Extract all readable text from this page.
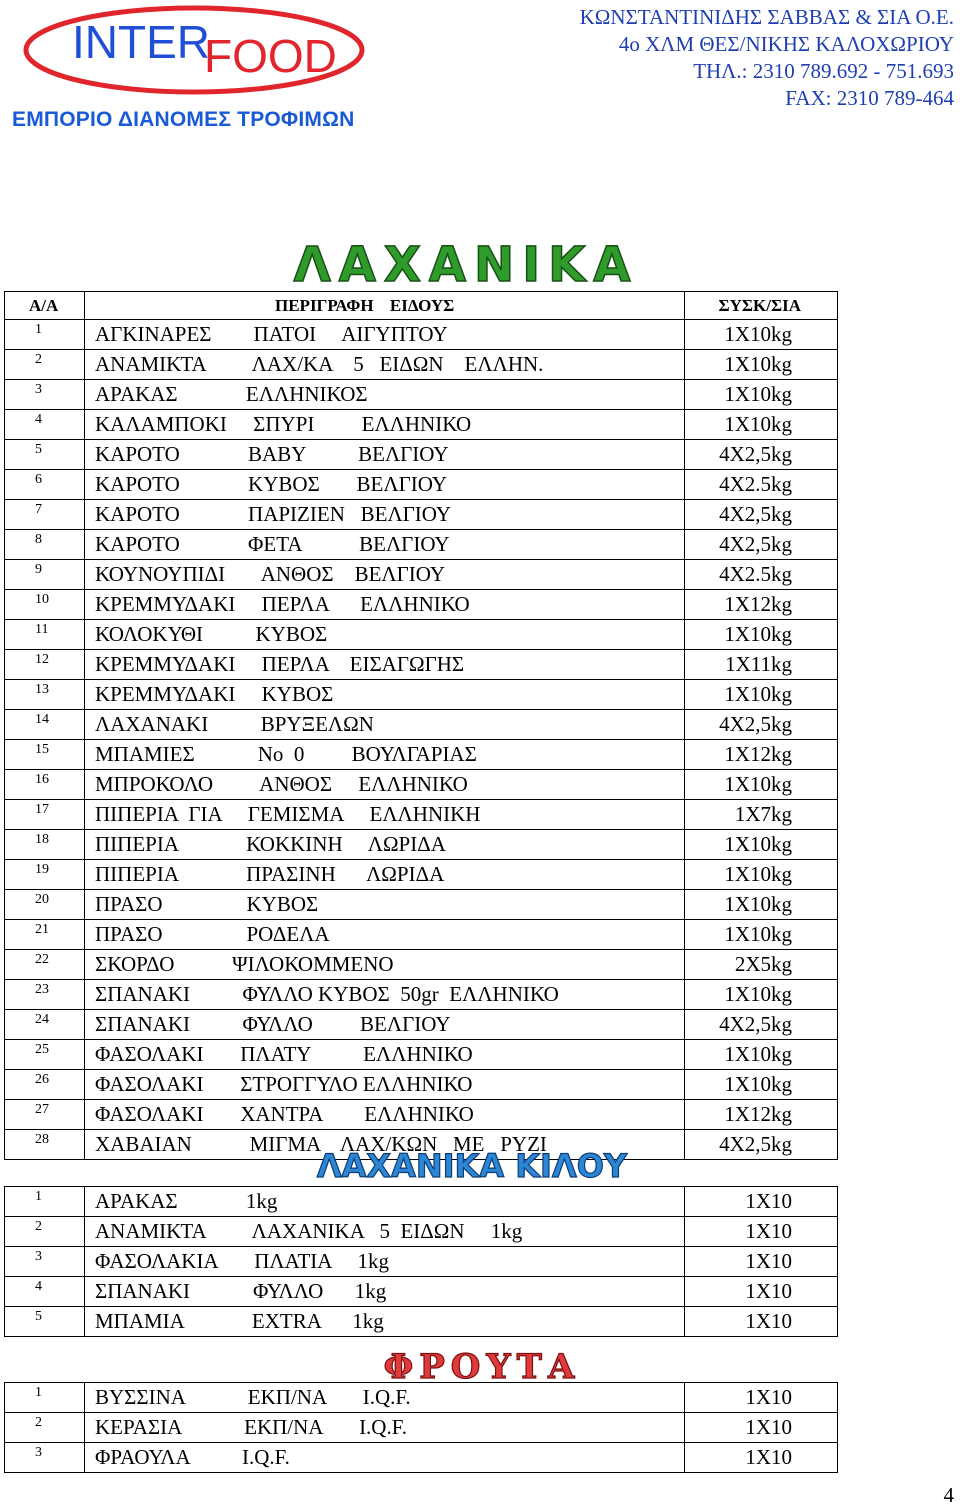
INTER
FOOD
ΕΜΠΟΡΙΟ ΔΙΑΝΟΜΕΣ ΤΡΟΦΙΜΩΝ
ΚΩΝΣΤΑΝΤΙΝΙΔΗΣ ΣΑΒΒΑΣ & ΣΙΑ Ο.Ε.
4ο ΧΛΜ ΘΕΣ/ΝΙΚΗΣ ΚΑΛΟΧΩΡΙΟΥ
ΤΗΛ.: 2310 789.692 - 751.693
FAX: 2310 789-464
ΛΑΧΑΝΙΚΑ
Α/Α	ΠΕΡΙΓΡΑΦΗ ΕΙΔΟΥΣ	ΣΥΣΚ/ΣΙΑ
1	ΑΓΚΙΝΑΡΕΣ        ΠΑΤΟΙ     ΑΙΓΥΠΤΟΥ	1Χ10kg
2	ΑΝΑΜΙΚΤΑ         ΛΑΧ/ΚΑ    5   ΕΙΔΩΝ    ΕΛΛΗΝ.	1Χ10kg
3	ΑΡΑΚΑΣ             ΕΛΛΗΝΙΚΟΣ	1Χ10kg
4	ΚΑΛΑΜΠΟΚΙ     ΣΠΥΡΙ         ΕΛΛΗΝΙΚΟ	1Χ10kg
5	ΚΑΡΟΤΟ             ΒΑΒΥ          ΒΕΛΓΙΟΥ	4Χ2,5kg
6	ΚΑΡΟΤΟ             ΚΥΒΟΣ       ΒΕΛΓΙΟΥ	4Χ2.5kg
7	ΚΑΡΟΤΟ             ΠΑΡΙΖΙΕΝ   ΒΕΛΓΙΟΥ	4Χ2,5kg
8	ΚΑΡΟΤΟ             ΦΕΤΑ           ΒΕΛΓΙΟΥ	4Χ2,5kg
9	ΚΟΥΝΟΥΠΙΔΙ       ΑΝΘΟΣ    ΒΕΛΓΙΟΥ	4Χ2.5kg
10	ΚΡΕΜΜΥΔΑΚΙ     ΠΕΡΛΑ      ΕΛΛΗΝΙΚΟ	1Χ12kg
11	ΚΟΛΟΚΥΘΙ          ΚΥΒΟΣ	1Χ10kg
12	ΚΡΕΜΜΥΔΑΚΙ     ΠΕΡΛΑ    ΕΙΣΑΓΩΓΗΣ	1Χ11kg
13	ΚΡΕΜΜΥΔΑΚΙ     ΚΥΒΟΣ	1Χ10kg
14	ΛΑΧΑΝΑΚΙ          ΒΡΥΞΕΛΩΝ	4Χ2,5kg
15	ΜΠΑΜΙΕΣ            Νο  0         ΒΟΥΛΓΑΡΙΑΣ	1Χ12kg
16	ΜΠΡΟΚΟΛΟ         ΑΝΘΟΣ     ΕΛΛΗΝΙΚΟ	1Χ10kg
17	ΠΙΠΕΡΙΑ  ΓΙΑ     ΓΕΜΙΣΜΑ     ΕΛΛΗΝΙΚΗ	1Χ7kg
18	ΠΙΠΕΡΙΑ             ΚΟΚΚΙΝΗ     ΛΩΡΙΔΑ	1Χ10kg
19	ΠΙΠΕΡΙΑ             ΠΡΑΣΙΝΗ      ΛΩΡΙΔΑ	1Χ10kg
20	ΠΡΑΣΟ                ΚΥΒΟΣ	1Χ10kg
21	ΠΡΑΣΟ                ΡΟΔΕΛΑ	1Χ10kg
22	ΣΚΟΡΔΟ           ΨΙΛΟΚΟΜΜΕΝΟ	2Χ5kg
23	ΣΠΑΝΑΚΙ          ΦΥΛΛΟ ΚΥΒΟΣ  50gr  ΕΛΛΗΝΙΚΟ	1Χ10kg
24	ΣΠΑΝΑΚΙ          ΦΥΛΛΟ         ΒΕΛΓΙΟΥ	4Χ2,5kg
25	ΦΑΣΟΛΑΚΙ       ΠΛΑΤΥ          ΕΛΛΗΝΙΚΟ	1Χ10kg
26	ΦΑΣΟΛΑΚΙ       ΣΤΡΟΓΓΥΛΟ ΕΛΛΗΝΙΚΟ	1Χ10kg
27	ΦΑΣΟΛΑΚΙ       ΧΑΝΤΡΑ        ΕΛΛΗΝΙΚΟ	1Χ12kg
28	ΧΑΒΑΙΑΝ           ΜΙΓΜΑ    ΛΑΧ/ΚΩΝ   ΜΕ   ΡΥΖΙ	4Χ2,5kg
ΛΑΧΑΝΙΚΑ ΚΙΛΟΥ
1	ΑΡΑΚΑΣ             1kg	1Χ10
2	ΑΝΑΜΙΚΤΑ         ΛΑΧΑΝΙΚΑ   5  ΕΙΔΩΝ     1kg	1Χ10
3	ΦΑΣΟΛΑΚΙΑ       ΠΛΑΤΙΑ     1kg	1Χ10
4	ΣΠΑΝΑΚΙ            ΦΥΛΛΟ      1kg	1Χ10
5	ΜΠΑΜΙΑ             EXTRA      1kg	1Χ10
ΦΡΟΥΤΑ
1	ΒΥΣΣΙΝΑ            ΕΚΠ/ΝΑ       I.Q.F.	1Χ10
2	ΚΕΡΑΣΙΑ            ΕΚΠ/ΝΑ       I.Q.F.	1Χ10
3	ΦΡΑΟΥΛΑ          I.Q.F.	1Χ10
4
